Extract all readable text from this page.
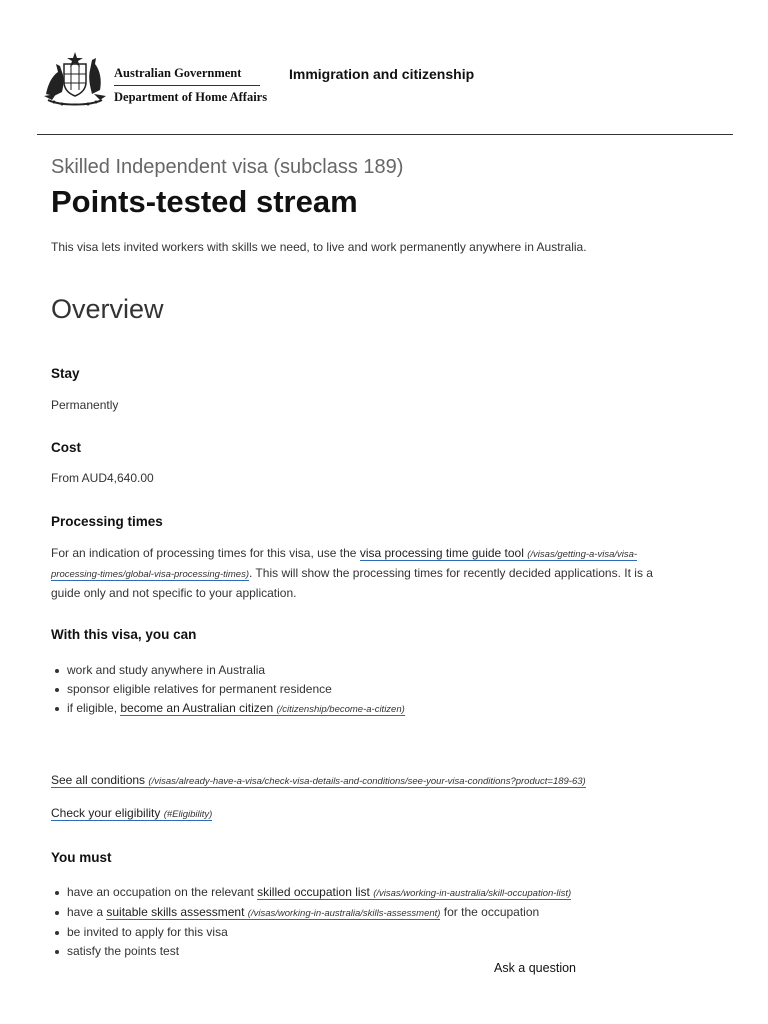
Australian Government
Department of Home Affairs
Immigration and citizenship
Skilled Independent visa (subclass 189)
Points-tested stream
This visa lets invited workers with skills we need, to live and work permanently anywhere in Australia.
Overview
Stay
Permanently
Cost
From AUD4,640.00
Processing times
For an indication of processing times for this visa, use the visa processing time guide tool (/visas/getting-a-visa/visa-
processing-times/global-visa-processing-times). This will show the processing times for recently decided applications. It is a
guide only and not specific to your application.
With this visa, you can
work and study anywhere in Australia
sponsor eligible relatives for permanent residence
if eligible, become an Australian citizen (/citizenship/become-a-citizen)
See all conditions (/visas/already-have-a-visa/check-visa-details-and-conditions/see-your-visa-conditions?product=189-63)
Check your eligibility (#Eligibility)
You must
have an occupation on the relevant skilled occupation list (/visas/working-in-australia/skill-occupation-list)
have a suitable skills assessment (/visas/working-in-australia/skills-assessment) for the occupation
be invited to apply for this visa
satisfy the points test
Ask a question
